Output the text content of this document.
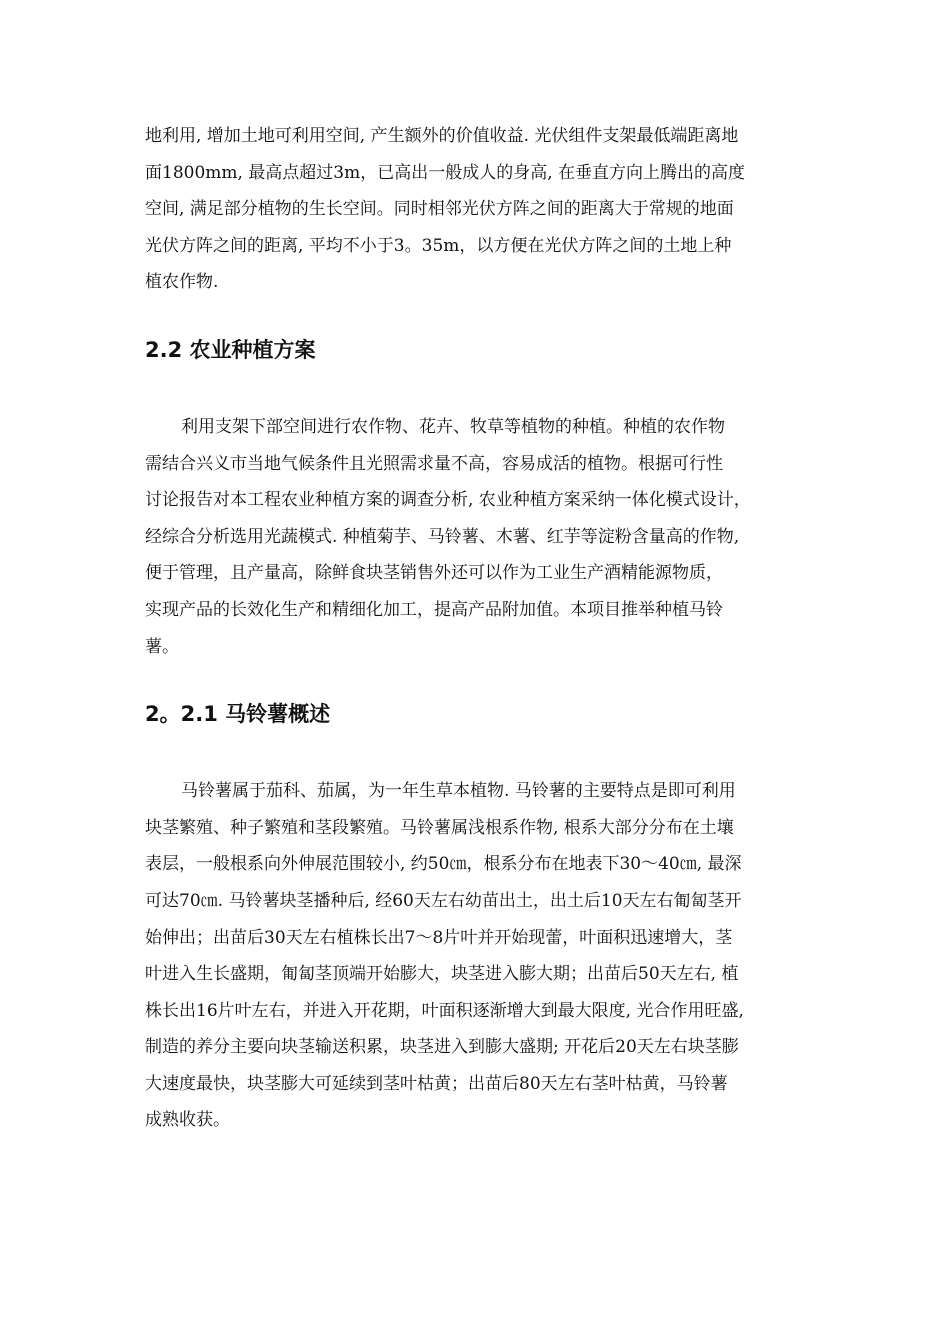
地利用, 增加土地可利用空间, 产生额外的价值收益. 光伏组件支架最低端距离地
面1800mm, 最高点超过3m，已高出一般成人的身高, 在垂直方向上腾出的高度
空间, 满足部分植物的生长空间。同时相邻光伏方阵之间的距离大于常规的地面
光伏方阵之间的距离, 平均不小于3。35m，以方便在光伏方阵之间的土地上种
植农作物.
2.2 农业种植方案
利用支架下部空间进行农作物、花卉、牧草等植物的种植。种植的农作物
需结合兴义市当地气候条件且光照需求量不高，容易成活的植物。根据可行性
讨论报告对本工程农业种植方案的调查分析, 农业种植方案采纳一体化模式设计，
经综合分析选用光蔬模式. 种植菊芋、马铃薯、木薯、红芋等淀粉含量高的作物,
便于管理，且产量高，除鲜食块茎销售外还可以作为工业生产酒精能源物质，
实现产品的长效化生产和精细化加工，提高产品附加值。本项目推举种植马铃
薯。
2。2.1 马铃薯概述
马铃薯属于茄科、茄属，为一年生草本植物. 马铃薯的主要特点是即可利用
块茎繁殖、种子繁殖和茎段繁殖。马铃薯属浅根系作物, 根系大部分分布在土壤
表层，一般根系向外伸展范围较小, 约50㎝，根系分布在地表下30～40㎝, 最深
可达70㎝. 马铃薯块茎播种后, 经60天左右幼苗出土，出土后10天左右匍匐茎开
始伸出；出苗后30天左右植株长出7～8片叶并开始现蕾，叶面积迅速增大，茎
叶进入生长盛期，匍匐茎顶端开始膨大，块茎进入膨大期；出苗后50天左右, 植
株长出16片叶左右，并进入开花期，叶面积逐渐增大到最大限度, 光合作用旺盛,
制造的养分主要向块茎输送积累，块茎进入到膨大盛期; 开花后20天左右块茎膨
大速度最快，块茎膨大可延续到茎叶枯黄；出苗后80天左右茎叶枯黄，马铃薯
成熟收获。
